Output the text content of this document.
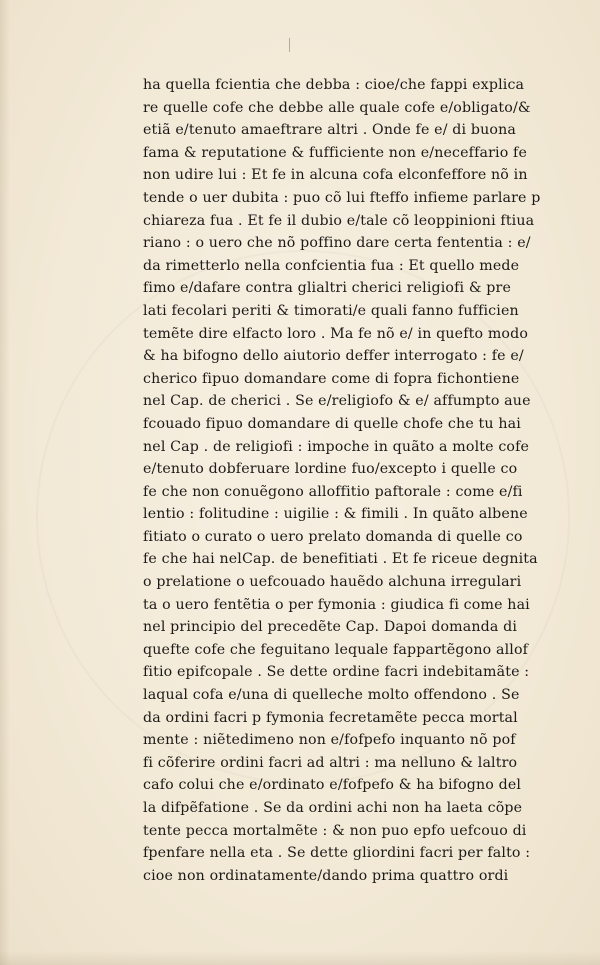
ha quella fcientia che debba : cioe/che fappi explica
re quelle cofe che debbe alle quale cofe e/obligato/&
etiã e/tenuto amaeftrare altri . Onde fe e/ di buona
fama & reputatione & fufficiente non e/neceffario fe
non udire lui : Et fe in alcuna cofa elconfeffore nõ in
tende o uer dubita : puo cõ lui fteffo infieme parlare p
chiareza fua . Et fe il dubio e/tale cõ leoppinioni ftiua
riano : o uero che nõ poffino dare certa fententia : e/
da rimetterlo nella confcientia fua : Et quello mede
fimo e/dafare contra glialtri cherici religiofi & pre
lati fecolari periti & timorati/e quali fanno fufficien
temẽte dire elfacto loro . Ma fe nõ e/ in quefto modo
& ha bifogno dello aiutorio deffer interrogato : fe e/
cherico fipuo domandare come di fopra fichontiene
nel Cap. de cherici . Se e/religiofo & e/ affumpto aue
fcouado fipuo domandare di quelle chofe che tu hai
nel Cap . de religiofi : impoche in quãto a molte cofe
e/tenuto dobferuare lordine fuo/excepto i quelle co
fe che non conuẽgono alloffitio paftorale : come e/fi
lentio : folitudine : uigilie : & fimili . In quãto albene
fitiato o curato o uero prelato domanda di quelle co
fe che hai nelCap. de benefitiati . Et fe riceue degnita
o prelatione o uefcouado hauẽdo alchuna irregulari
ta o uero fentẽtia o per fymonia : giudica fi come hai
nel principio del precedẽte Cap. Dapoi domanda di
quefte cofe che feguitano lequale fappartẽgono allof
fitio epifcopale . Se dette ordine facri indebitamãte :
laqual cofa e/una di quelleche molto offendono . Se
da ordini facri p fymonia fecretamẽte pecca mortal
mente : niẽtedimeno non e/fofpefo inquanto nõ pof
fi cõferire ordini facri ad altri : ma nelluno & laltro
cafo colui che e/ordinato e/fofpefo & ha bifogno del
la difpẽfatione . Se da ordini achi non ha laeta cõpe
tente pecca mortalmẽte : & non puo epfo uefcouo di
fpenfare nella eta . Se dette gliordini facri per falto :
cioe non ordinatamente/dando prima quattro ordi
